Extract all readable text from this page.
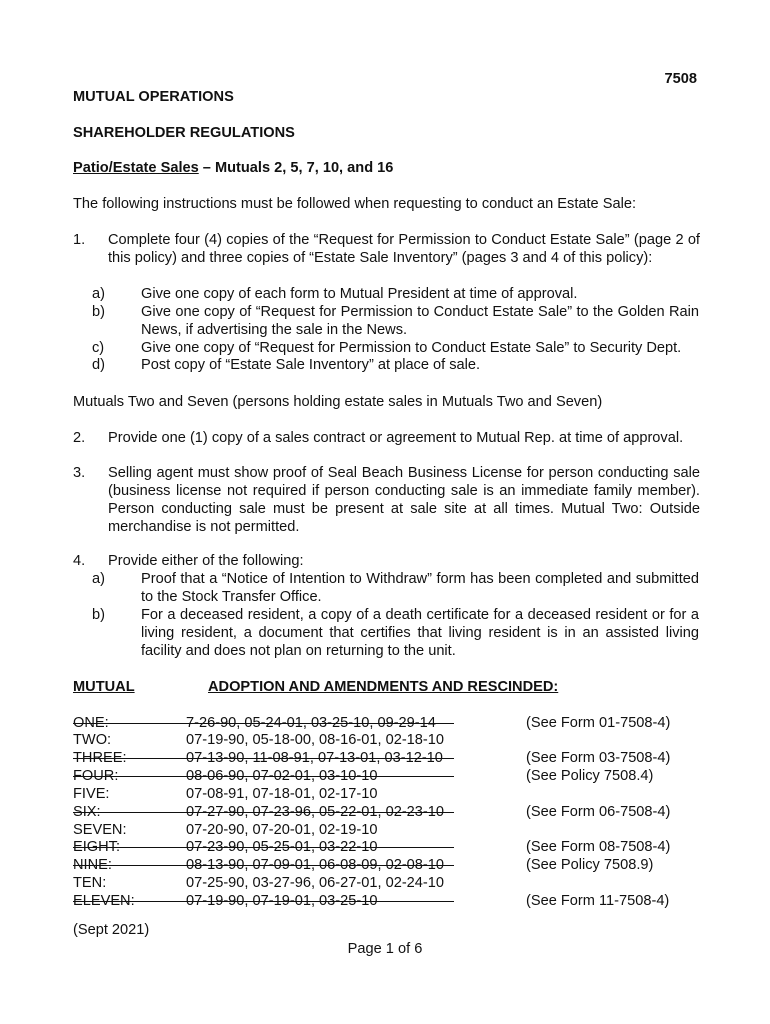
7508
MUTUAL OPERATIONS
SHAREHOLDER REGULATIONS
Patio/Estate Sales – Mutuals 2, 5, 7, 10, and 16
The following instructions must be followed when requesting to conduct an Estate Sale:
1. Complete four (4) copies of the “Request for Permission to Conduct Estate Sale” (page 2 of this policy) and three copies of “Estate Sale Inventory” (pages 3 and 4 of this policy):
a)	Give one copy of each form to Mutual President at time of approval.
b)	Give one copy of “Request for Permission to Conduct Estate Sale” to the Golden Rain News, if advertising the sale in the News.
c)	Give one copy of “Request for Permission to Conduct Estate Sale” to Security Dept.
d)	Post copy of “Estate Sale Inventory” at place of sale.
Mutuals Two and Seven (persons holding estate sales in Mutuals Two and Seven)
2. Provide one (1) copy of a sales contract or agreement to Mutual Rep. at time of approval.
3. Selling agent must show proof of Seal Beach Business License for person conducting sale (business license not required if person conducting sale is an immediate family member). Person conducting sale must be present at sale site at all times. Mutual Two: Outside merchandise is not permitted.
4. Provide either of the following:
a)	Proof that a “Notice of Intention to Withdraw” form has been completed and submitted to the Stock Transfer Office.
b)	For a deceased resident, a copy of a death certificate for a deceased resident or for a living resident, a document that certifies that living resident is in an assisted living facility and does not plan on returning to the unit.
MUTUAL	ADOPTION AND AMENDMENTS AND RESCINDED:
ONE:	7-26-90, 05-24-01, 03-25-10, 09-29-14	(See Form 01-7508-4)
TWO:	07-19-90, 05-18-00, 08-16-01, 02-18-10
THREE:	07-13-90, 11-08-91, 07-13-01, 03-12-10	(See Form 03-7508-4)
FOUR:	08-06-90, 07-02-01, 03-10-10	(See Policy 7508.4)
FIVE:	07-08-91, 07-18-01, 02-17-10
SIX:	07-27-90, 07-23-96, 05-22-01, 02-23-10	(See Form 06-7508-4)
SEVEN:	07-20-90, 07-20-01, 02-19-10
EIGHT:	07-23-90, 05-25-01, 03-22-10	(See Form 08-7508-4)
NINE:	08-13-90, 07-09-01, 06-08-09, 02-08-10	(See Policy 7508.9)
TEN:	07-25-90, 03-27-96, 06-27-01, 02-24-10
ELEVEN:	07-19-90, 07-19-01, 03-25-10	(See Form 11-7508-4)
(Sept 2021)
Page 1 of 6
